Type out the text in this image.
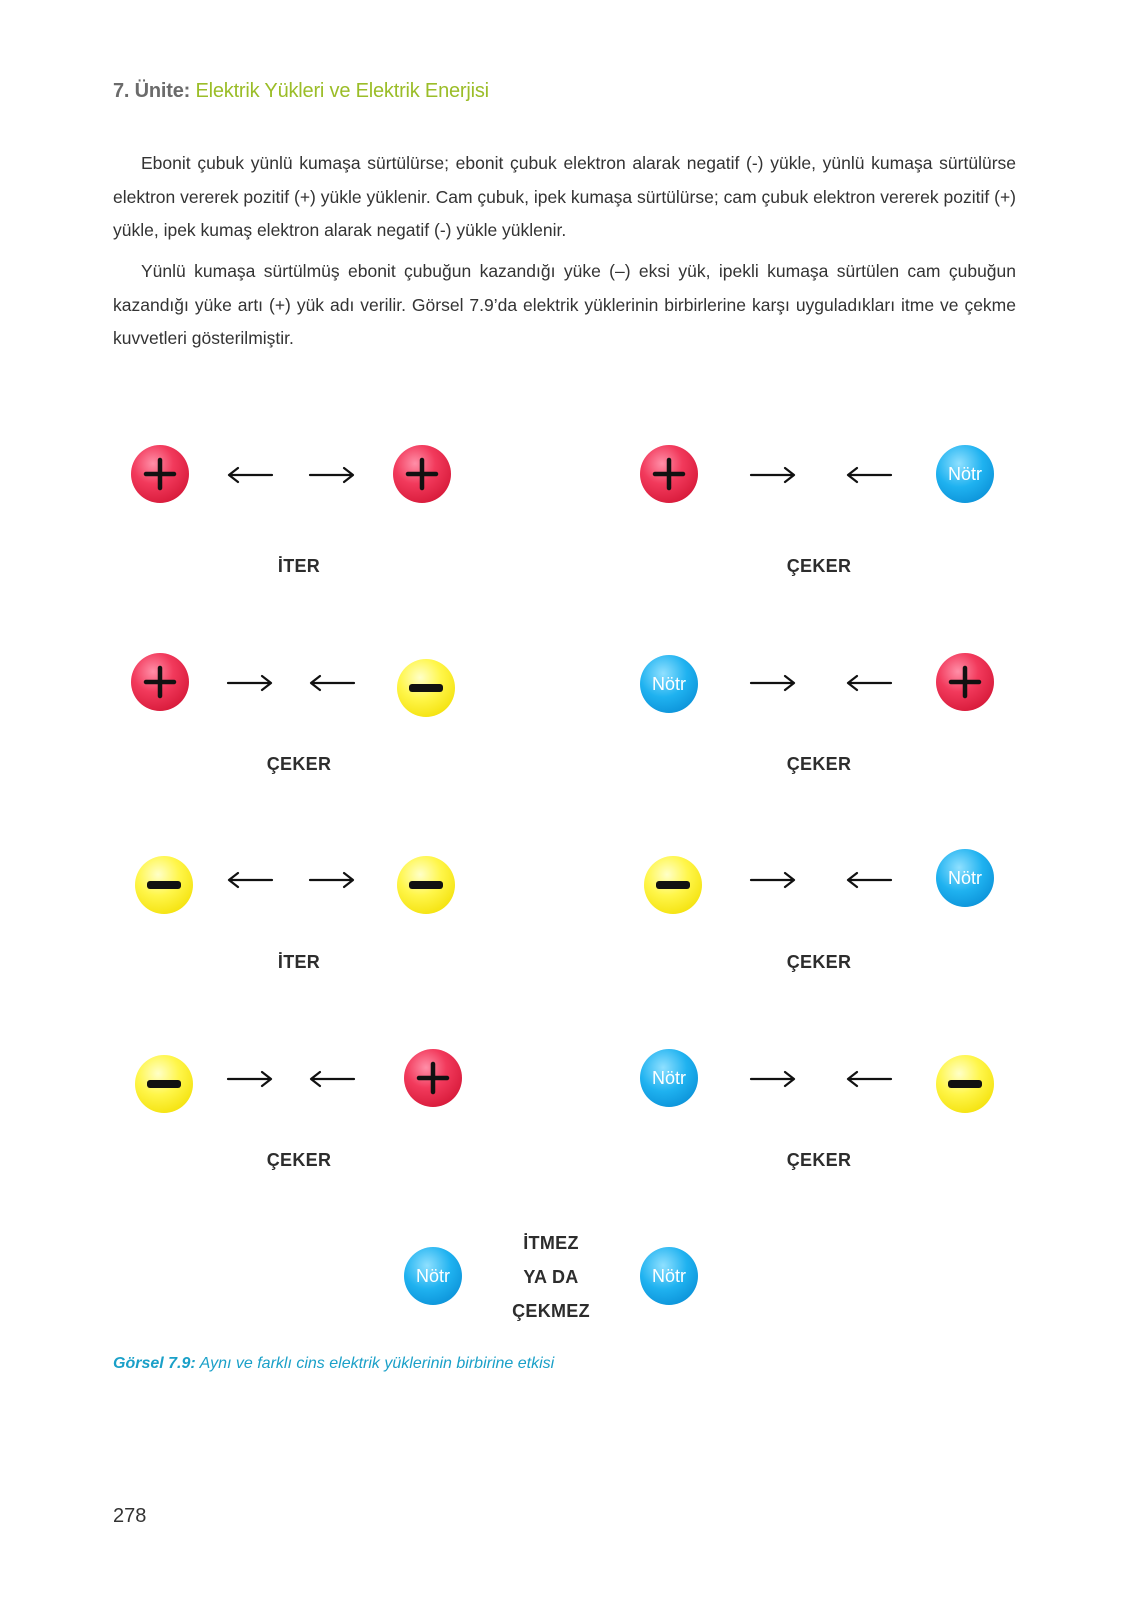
7. Ünite: Elektrik Yükleri ve Elektrik Enerjisi

Ebonit çubuk yünlü kumaşa sürtülürse; ebonit çubuk elektron alarak negatif (-) yükle, yünlü kumaşa sürtülürse elektron vererek pozitif (+) yükle yüklenir. Cam çubuk, ipek kumaşa sürtülürse; cam çubuk elektron vererek pozitif (+) yükle, ipek kumaş elektron alarak negatif (-) yükle yüklenir.

Yünlü kumaşa sürtülmüş ebonit çubuğun kazandığı yüke (–) eksi yük, ipekli kumaşa sürtülen cam çubuğun kazandığı yüke artı (+) yük adı verilir. Görsel 7.9’da elektrik yüklerinin birbirlerine karşı uyguladıkları itme ve çekme kuvvetleri gösterilmiştir.

İTER
Nötr
ÇEKER
ÇEKER
Nötr
ÇEKER
İTER
Nötr
ÇEKER
ÇEKER
Nötr
ÇEKER
Nötr
İTMEZ
YA DA
ÇEKMEZ
Nötr
Görsel 7.9: Aynı ve farklı cins elektrik yüklerinin birbirine etkisi
278
